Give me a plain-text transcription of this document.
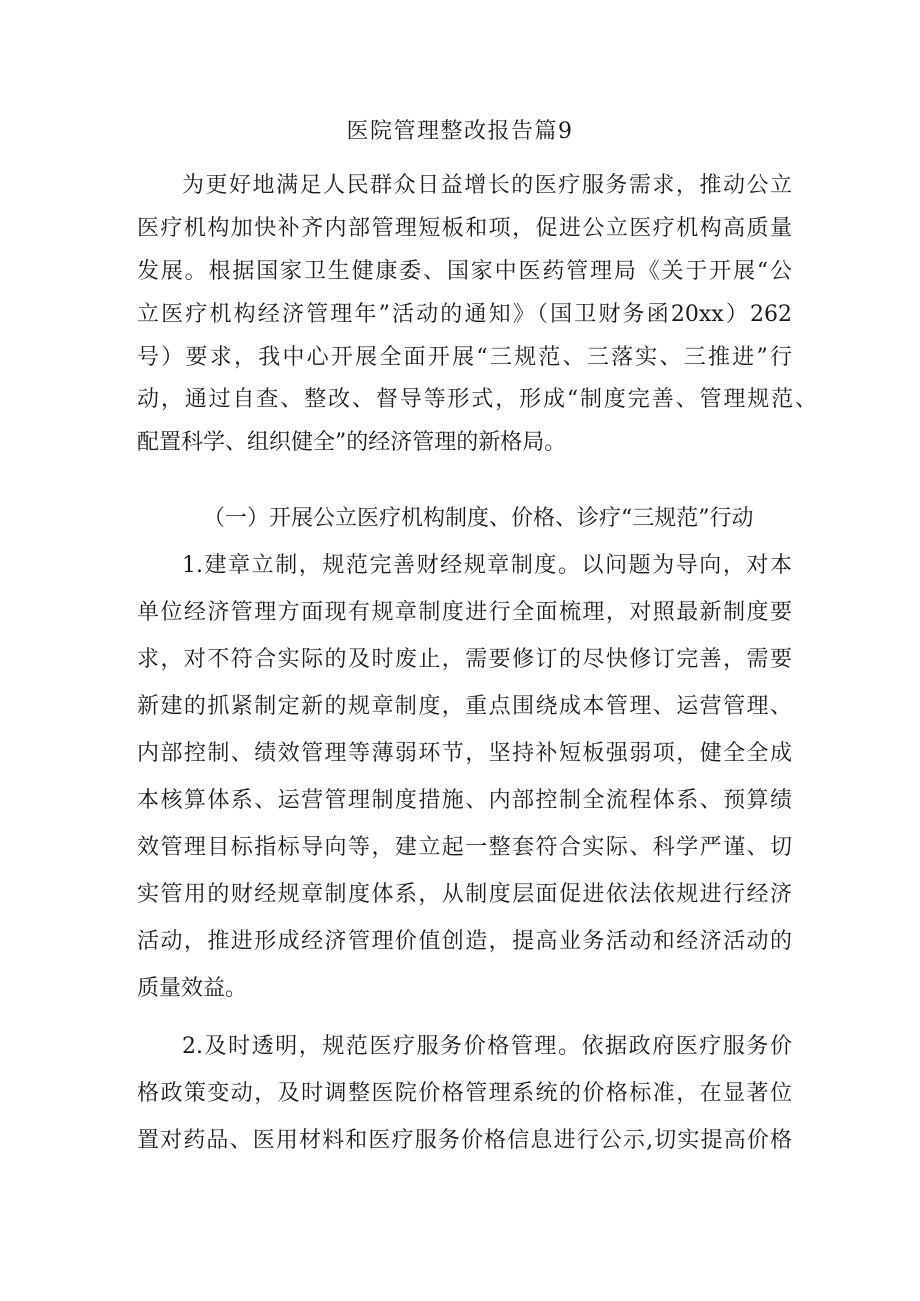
医院管理整改报告篇9
为更好地满足人民群众日益增长的医疗服务需求，推动公立
医疗机构加快补齐内部管理短板和项，促进公立医疗机构高质量
发展。根据国家卫生健康委、国家中医药管理局《关于开展“公
立医疗机构经济管理年”活动的通知》（国卫财务函20xx）262
号）要求，我中心开展全面开展“三规范、三落实、三推进”行
动，通过自查、整改、督导等形式，形成“制度完善、管理规范、
配置科学、组织健全”的经济管理的新格局。
（一）开展公立医疗机构制度、价格、诊疗“三规范”行动
1.建章立制，规范完善财经规章制度。以问题为导向，对本
单位经济管理方面现有规章制度进行全面梳理，对照最新制度要
求，对不符合实际的及时废止，需要修订的尽快修订完善，需要
新建的抓紧制定新的规章制度，重点围绕成本管理、运营管理、
内部控制、绩效管理等薄弱环节，坚持补短板强弱项，健全全成
本核算体系、运营管理制度措施、内部控制全流程体系、预算绩
效管理目标指标导向等，建立起一整套符合实际、科学严谨、切
实管用的财经规章制度体系，从制度层面促进依法依规进行经济
活动，推进形成经济管理价值创造，提高业务活动和经济活动的
质量效益。
2.及时透明，规范医疗服务价格管理。依据政府医疗服务价
格政策变动，及时调整医院价格管理系统的价格标准，在显著位
置对药品、医用材料和医疗服务价格信息进行公示,切实提高价格
